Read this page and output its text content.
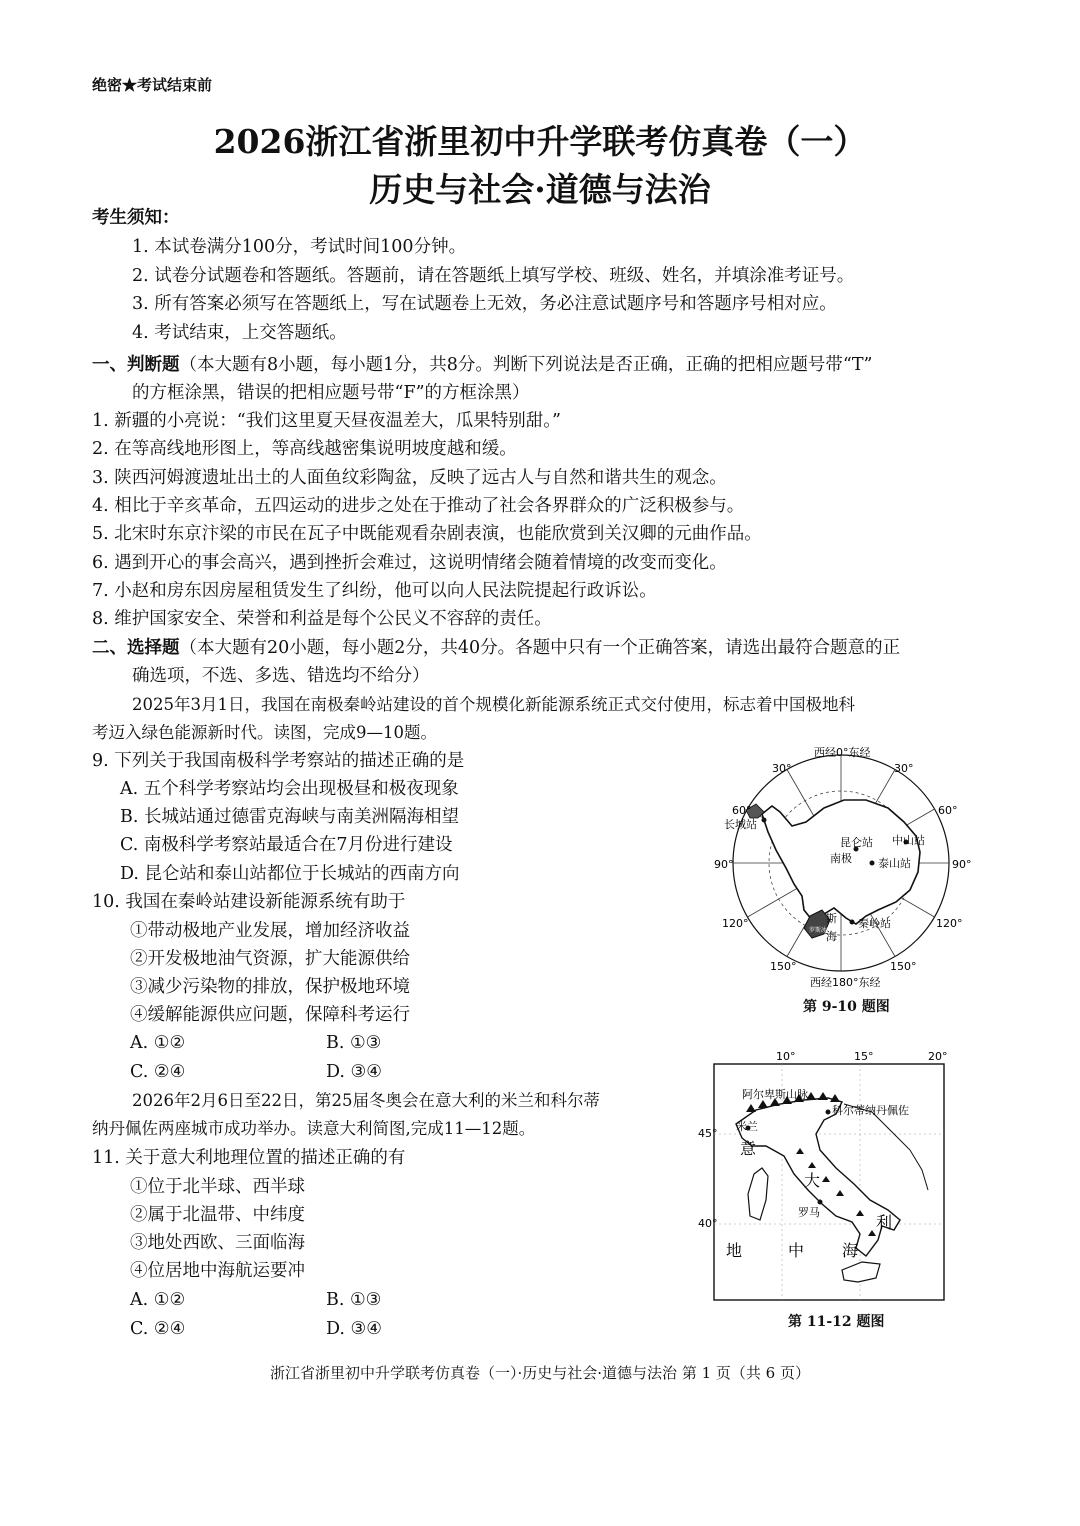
绝密★考试结束前
2026浙江省浙里初中升学联考仿真卷（一）
历史与社会·道德与法治
考生须知：
1. 本试卷满分100分，考试时间100分钟。
2. 试卷分试题卷和答题纸。答题前，请在答题纸上填写学校、班级、姓名，并填涂准考证号。
3. 所有答案必须写在答题纸上，写在试题卷上无效，务必注意试题序号和答题序号相对应。
4. 考试结束，上交答题纸。
一、判断题（本大题有8小题，每小题1分，共8分。判断下列说法是否正确，正确的把相应题号带“T”
的方框涂黑，错误的把相应题号带“F”的方框涂黑）
1. 新疆的小亮说：“我们这里夏天昼夜温差大，瓜果特别甜。”
2. 在等高线地形图上，等高线越密集说明坡度越和缓。
3. 陕西河姆渡遗址出土的人面鱼纹彩陶盆，反映了远古人与自然和谐共生的观念。
4. 相比于辛亥革命，五四运动的进步之处在于推动了社会各界群众的广泛积极参与。
5. 北宋时东京汴梁的市民在瓦子中既能观看杂剧表演，也能欣赏到关汉卿的元曲作品。
6. 遇到开心的事会高兴，遇到挫折会难过，这说明情绪会随着情境的改变而变化。
7. 小赵和房东因房屋租赁发生了纠纷，他可以向人民法院提起行政诉讼。
8. 维护国家安全、荣誉和利益是每个公民义不容辞的责任。
二、选择题（本大题有20小题，每小题2分，共40分。各题中只有一个正确答案，请选出最符合题意的正
确选项，不选、多选、错选均不给分）
2025年3月1日，我国在南极秦岭站建设的首个规模化新能源系统正式交付使用，标志着中国极地科
考迈入绿色能源新时代。读图，完成9—10题。
9. 下列关于我国南极科学考察站的描述正确的是
A. 五个科学考察站均会出现极昼和极夜现象
B. 长城站通过德雷克海峡与南美洲隔海相望
C. 南极科学考察站最适合在7月份进行建设
D. 昆仑站和泰山站都位于长城站的西南方向
10. 我国在秦岭站建设新能源系统有助于
①带动极地产业发展，增加经济收益
②开发极地油气资源，扩大能源供给
③减少污染物的排放，保护极地环境
④缓解能源供应问题，保障科考运行
A. ①②	B. ①③
C. ②④	D. ③④
2026年2月6日至22日，第25届冬奥会在意大利的米兰和科尔蒂
纳丹佩佐两座城市成功举办。读意大利简图,完成11—12题。
11. 关于意大利地理位置的描述正确的有
①位于北半球、西半球
②属于北温带、中纬度
③地处西欧、三面临海
④位居地中海航运要冲
A. ①②	B. ①③
C. ②④	D. ③④
罗斯冰架
西经0°东经
西经180°东经
30°	30°
60°	60°
90°	90°
120°	120°
150°	150°
长城站
中山站
昆仑站
泰山站
南极
秦岭站
斯
海
第 9-10 题图
10°	15°	20°
45°
40°
阿尔卑斯山脉
米兰
科尔蒂纳丹佩佐
罗马
意
大
利
地	中 海
第 11-12 题图
浙江省浙里初中升学联考仿真卷（一）·历史与社会·道德与法治 第 1 页（共 6 页）
